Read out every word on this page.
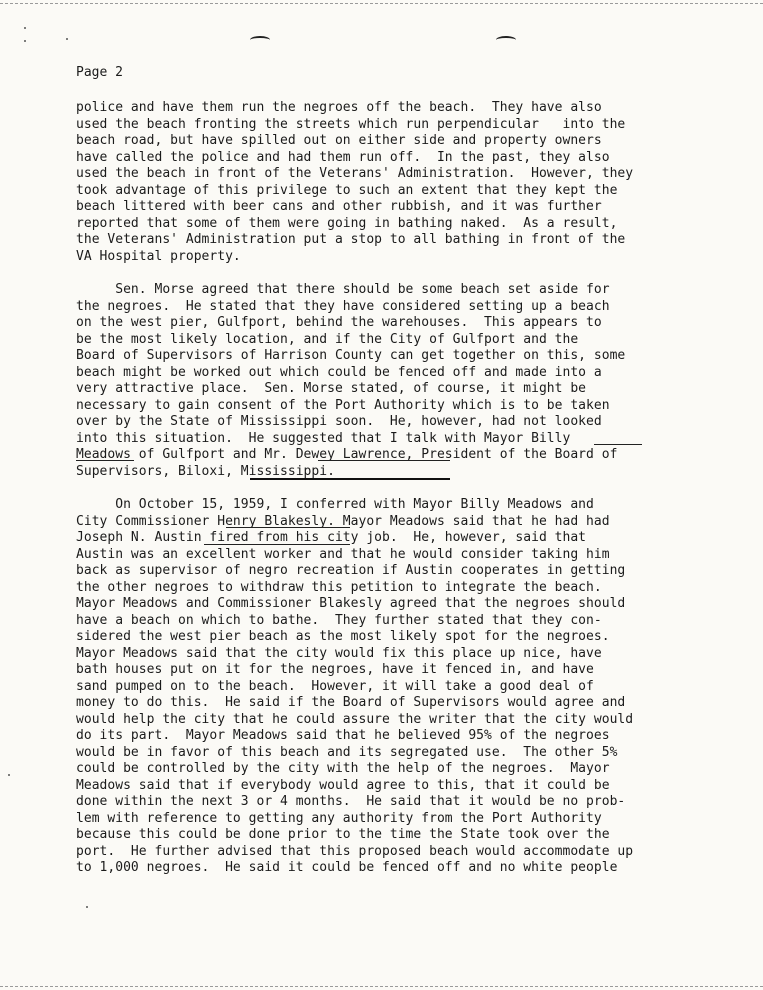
Page 2
police and have them run the negroes off the beach.  They have also
used the beach fronting the streets which run perpendicular   into the
beach road, but have spilled out on either side and property owners
have called the police and had them run off.  In the past, they also
used the beach in front of the Veterans' Administration.  However, they
took advantage of this privilege to such an extent that they kept the
beach littered with beer cans and other rubbish, and it was further
reported that some of them were going in bathing naked.  As a result,
the Veterans' Administration put a stop to all bathing in front of the
VA Hospital property.
Sen. Morse agreed that there should be some beach set aside for
the negroes.  He stated that they have considered setting up a beach
on the west pier, Gulfport, behind the warehouses.  This appears to
be the most likely location, and if the City of Gulfport and the
Board of Supervisors of Harrison County can get together on this, some
beach might be worked out which could be fenced off and made into a
very attractive place.  Sen. Morse stated, of course, it might be
necessary to gain consent of the Port Authority which is to be taken
over by the State of Mississippi soon.  He, however, had not looked
into this situation.  He suggested that I talk with Mayor Billy
Meadows of Gulfport and Mr. Dewey Lawrence, President of the Board of
Supervisors, Biloxi, Mississippi.
On October 15, 1959, I conferred with Mayor Billy Meadows and
City Commissioner Henry Blakesly. Mayor Meadows said that he had had
Joseph N. Austin fired from his city job.  He, however, said that
Austin was an excellent worker and that he would consider taking him
back as supervisor of negro recreation if Austin cooperates in getting
the other negroes to withdraw this petition to integrate the beach.
Mayor Meadows and Commissioner Blakesly agreed that the negroes should
have a beach on which to bathe.  They further stated that they con-
sidered the west pier beach as the most likely spot for the negroes.
Mayor Meadows said that the city would fix this place up nice, have
bath houses put on it for the negroes, have it fenced in, and have
sand pumped on to the beach.  However, it will take a good deal of
money to do this.  He said if the Board of Supervisors would agree and
would help the city that he could assure the writer that the city would
do its part.  Mayor Meadows said that he believed 95% of the negroes
would be in favor of this beach and its segregated use.  The other 5%
could be controlled by the city with the help of the negroes.  Mayor
Meadows said that if everybody would agree to this, that it could be
done within the next 3 or 4 months.  He said that it would be no prob-
lem with reference to getting any authority from the Port Authority
because this could be done prior to the time the State took over the
port.  He further advised that this proposed beach would accommodate up
to 1,000 negroes.  He said it could be fenced off and no white people
